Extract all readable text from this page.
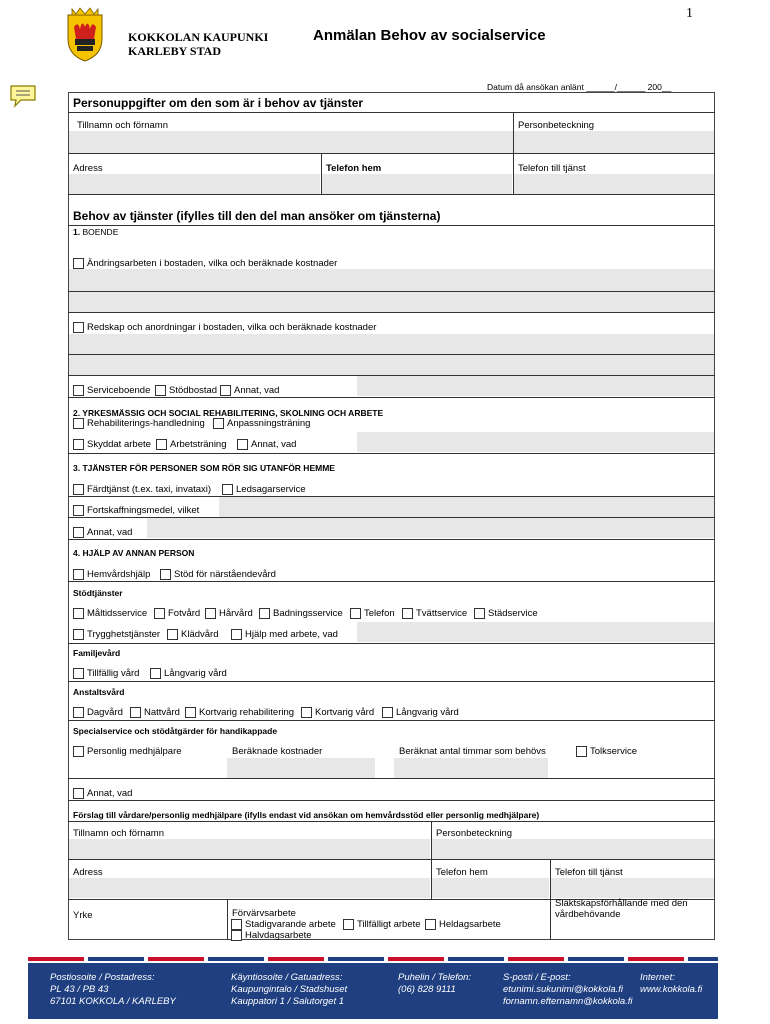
1
KOKKOLAN KAUPUNKI
KARLEBY STAD
Anmälan Behov av socialservice
Datum då ansökan anlänt ______/______ 200__
Personuppgifter om den som är i behov av tjänster
Tillnamn och förnamn	Personbeteckning
Adress	Telefon hem	Telefon till tjänst
Behov av tjänster (ifylles till den del man ansöker om tjänsterna)
1. BOENDE
Ändringsarbeten i bostaden, vilka och beräknade kostnader
Redskap och anordningar i bostaden, vilka och beräknade kostnader
Serviceboende Stödbostad Annat, vad
2. YRKESMÄSSIG OCH SOCIAL REHABILITERING, SKOLNING OCH ARBETE
Rehabiliterings-handledning Anpassningsträning
Skyddat arbete Arbetsträning	Annat, vad
3. TJÄNSTER FÖR PERSONER SOM RÖR SIG UTANFÖR HEMME
Färdtjänst (t.ex. taxi, invataxi)	Ledsagarservice
Fortskaffningsmedel, vilket
Annat, vad
4. HJÄLP AV ANNAN PERSON
Hemvårdshjälp Stöd för närståendevård
Stödtjänster
Måltidsservice Fotvård Hårvård Badningsservice Telefon Tvättservice Städservice
Trygghetstjänster Klädvård	Hjälp med arbete, vad
Familjevård
Tillfällig vård	Långvarig vård
Anstaltsvård
Dagvård Nattvård Kortvarig rehabilitering Kortvarig vård Långvarig vård
Specialservice och stödåtgärder för handikappade
Personlig medhjälpare	Beräknade kostnader	Beräknat antal timmar som behövs	Tolkservice
Annat, vad
Förslag till vårdare/personlig medhjälpare (ifylls endast vid ansökan om hemvårdsstöd eller personlig medhjälpare)
Tillnamn och förnamn	Personbeteckning
Adress	Telefon hem	Telefon till tjänst
Yrke	Förvärvsarbete
Stadigvarande arbete Tillfälligt arbete Heldagsarbete
Halvdagsarbete
Släktskapsförhållande med den vårdbehövande
Postiosoite / Postadress:
PL 43 / PB 43
67101 KOKKOLA / KARLEBY
Käyntiosoite / Gatuadress:
Kaupungintalo / Stadshuset
Kauppatori 1 / Salutorget 1
Puhelin / Telefon:
(06) 828 9111
S-posti / E-post:
etunimi.sukunimi@kokkola.fi
fornamn.efternamn@kokkola.fi
Internet:
www.kokkola.fi
